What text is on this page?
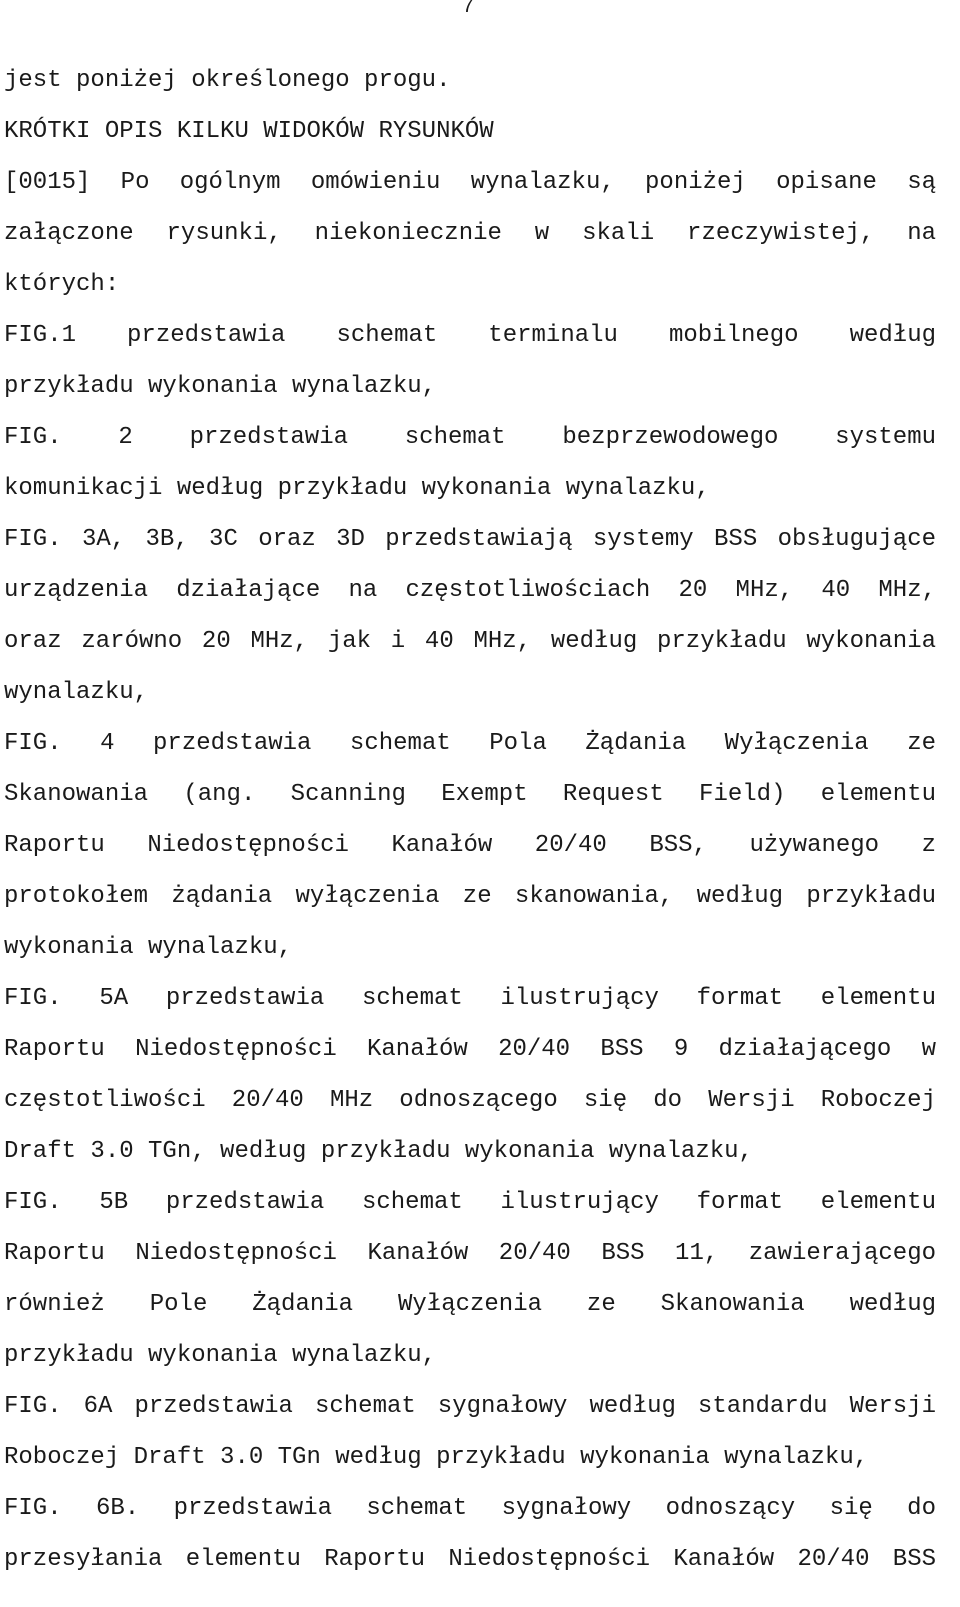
7
jest poniżej określonego progu.
KRÓTKI OPIS KILKU WIDOKÓW RYSUNKÓW
[0015] Po ogólnym omówieniu wynalazku, poniżej opisane są
załączone rysunki, niekoniecznie w skali rzeczywistej, na
których:
FIG.1 przedstawia schemat terminalu mobilnego według
przykładu wykonania wynalazku,
FIG. 2 przedstawia schemat bezprzewodowego systemu
komunikacji według przykładu wykonania wynalazku,
FIG. 3A, 3B, 3C oraz 3D przedstawiają systemy BSS obsługujące
urządzenia działające na częstotliwościach 20 MHz, 40 MHz,
oraz zarówno 20 MHz, jak i 40 MHz, według przykładu wykonania
wynalazku,
FIG. 4 przedstawia schemat Pola Żądania Wyłączenia ze
Skanowania (ang. Scanning Exempt Request Field) elementu
Raportu Niedostępności Kanałów 20/40 BSS, używanego z
protokołem żądania wyłączenia ze skanowania, według przykładu
wykonania wynalazku,
FIG. 5A przedstawia schemat ilustrujący format elementu
Raportu Niedostępności Kanałów 20/40 BSS 9 działającego w
częstotliwości 20/40 MHz odnoszącego się do Wersji Roboczej
Draft 3.0 TGn, według przykładu wykonania wynalazku,
FIG. 5B przedstawia schemat ilustrujący format elementu
Raportu Niedostępności Kanałów 20/40 BSS 11, zawierającego
również Pole Żądania Wyłączenia ze Skanowania według
przykładu wykonania wynalazku,
FIG. 6A przedstawia schemat sygnałowy według standardu Wersji
Roboczej Draft 3.0 TGn według przykładu wykonania wynalazku,
FIG. 6B. przedstawia schemat sygnałowy odnoszący się do
przesyłania elementu Raportu Niedostępności Kanałów 20/40 BSS
